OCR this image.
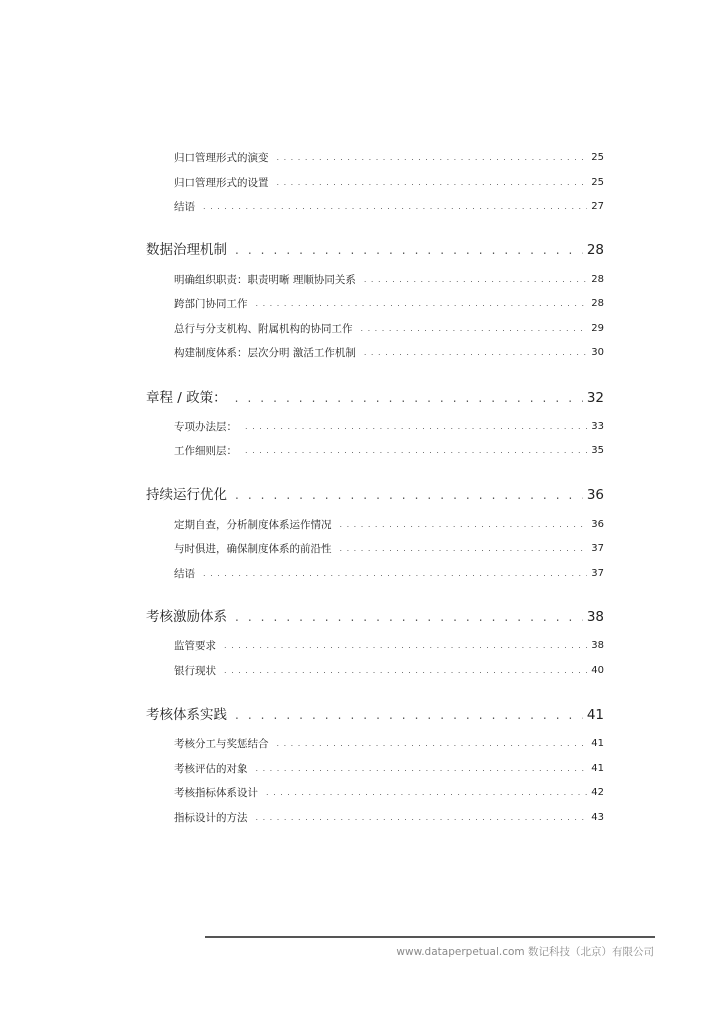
归口管理形式的演变 . . .	25
归口管理形式的设置 . . .	25
结语 . . .	27
数据治理机制 . . .	28
明确组织职责：职责明晰 理顺协同关系 . . .	28
跨部门协同工作 . . .	28
总行与分支机构、附属机构的协同工作 . . .	29
构建制度体系：层次分明 激活工作机制 . . .	30
章程 / 政策： . . .	32
专项办法层： . . .	33
工作细则层： . . .	35
持续运行优化 . . .	36
定期自查，分析制度体系运作情况 . . .	36
与时俱进，确保制度体系的前沿性 . . .	37
结语 . . .	37
考核激励体系 . . .	38
监管要求 . . .	38
银行现状 . . .	40
考核体系实践 . . .	41
考核分工与奖惩结合 . . .	41
考核评估的对象 . . .	41
考核指标体系设计 . . .	42
指标设计的方法 . . .	43
www.dataperpetual.com 数记科技（北京）有限公司
